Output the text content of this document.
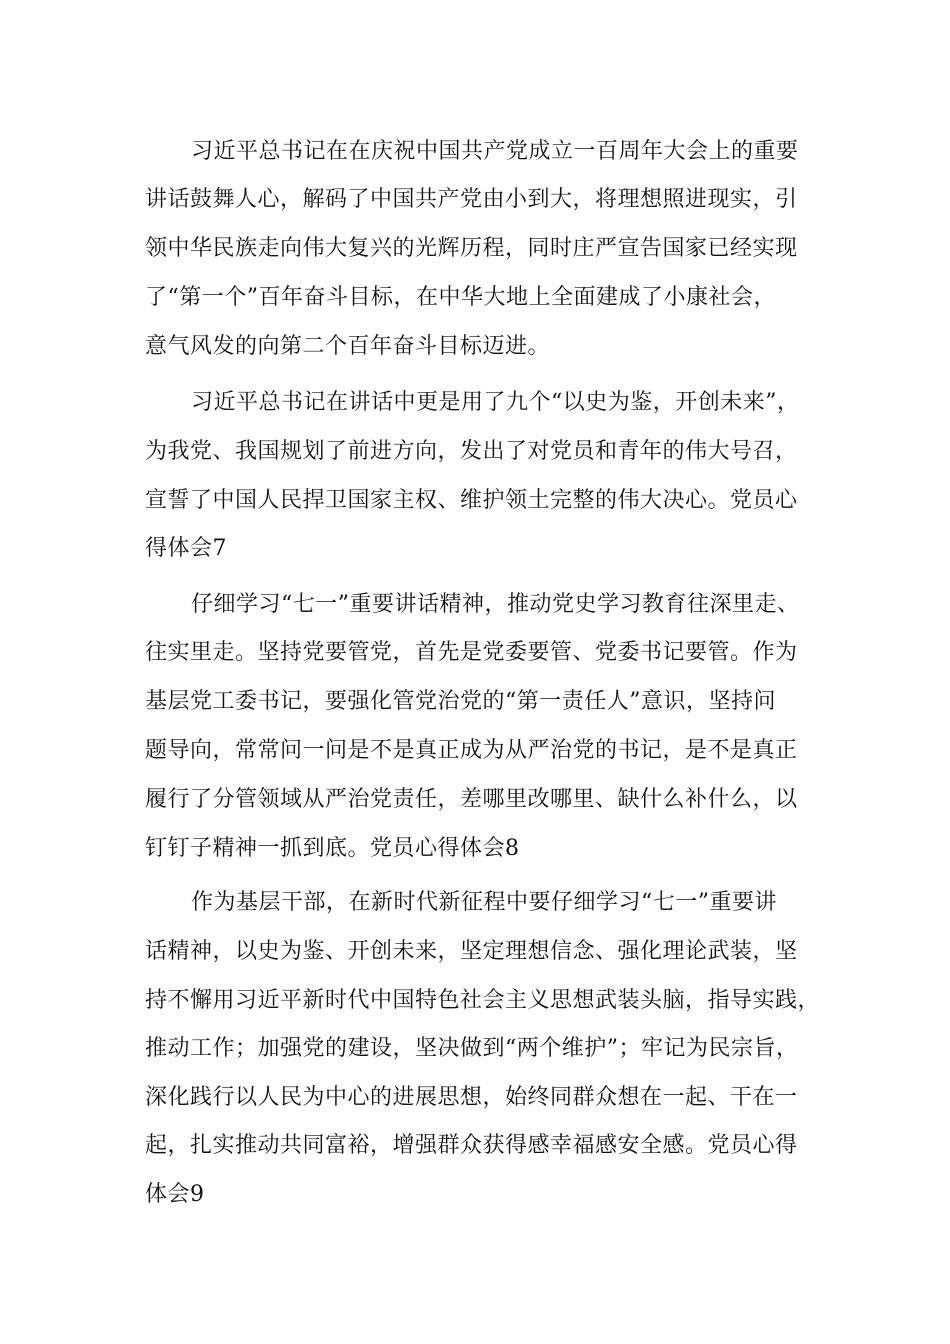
习近平总书记在在庆祝中国共产党成立一百周年大会上的重要
讲话鼓舞人心，解码了中国共产党由小到大，将理想照进现实，引
领中华民族走向伟大复兴的光辉历程，同时庄严宣告国家已经实现
了“第一个”百年奋斗目标，在中华大地上全面建成了小康社会，
意气风发的向第二个百年奋斗目标迈进。
习近平总书记在讲话中更是用了九个“以史为鉴，开创未来”，
为我党、我国规划了前进方向，发出了对党员和青年的伟大号召，
宣誓了中国人民捍卫国家主权、维护领土完整的伟大决心。党员心
得体会7
仔细学习“七一”重要讲话精神，推动党史学习教育往深里走、
往实里走。坚持党要管党，首先是党委要管、党委书记要管。作为
基层党工委书记，要强化管党治党的“第一责任人”意识，坚持问
题导向，常常问一问是不是真正成为从严治党的书记，是不是真正
履行了分管领域从严治党责任，差哪里改哪里、缺什么补什么，以
钉钉子精神一抓到底。党员心得体会8
作为基层干部，在新时代新征程中要仔细学习“七一”重要讲
话精神，以史为鉴、开创未来，坚定理想信念、强化理论武装，坚
持不懈用习近平新时代中国特色社会主义思想武装头脑，指导实践，
推动工作；加强党的建设，坚决做到“两个维护”；牢记为民宗旨，
深化践行以人民为中心的进展思想，始终同群众想在一起、干在一
起，扎实推动共同富裕，增强群众获得感幸福感安全感。党员心得
体会9
